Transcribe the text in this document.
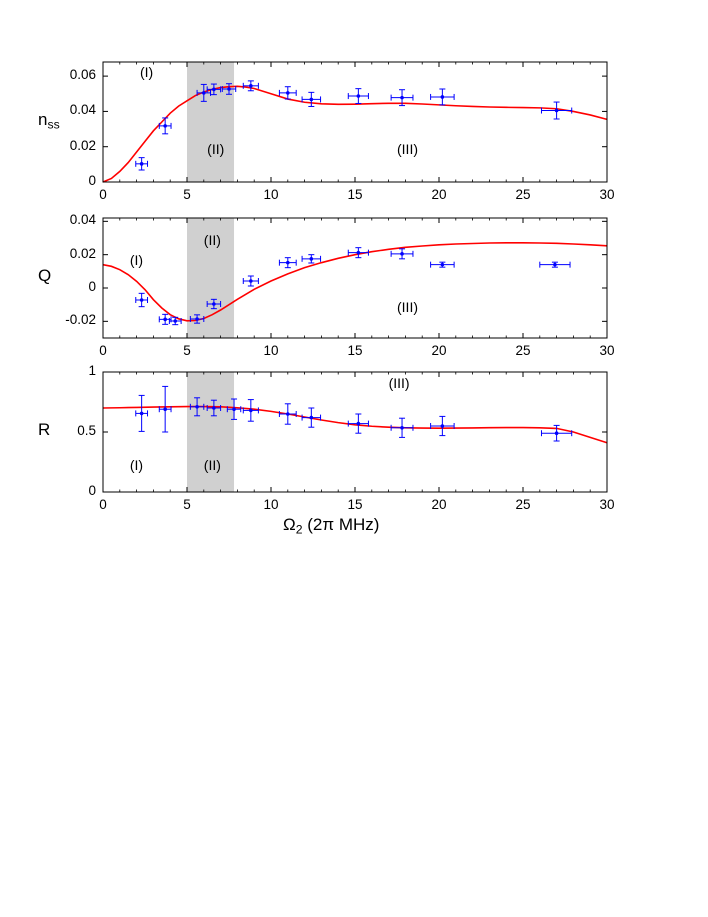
0
0.02
0.04
0.06
0	5	10	15	20	25	30
(I)
(II)	(III)
$n_{ss}$
-0.02
0
0.02
0.04
0	5	10	15	20	25	30
(I)
(II)
(III)
Q
0
0.5
1
0	5	10	15	20	25	30
(I)	(II)
(III)
R
$\Omega_2$ (2π MHz)
